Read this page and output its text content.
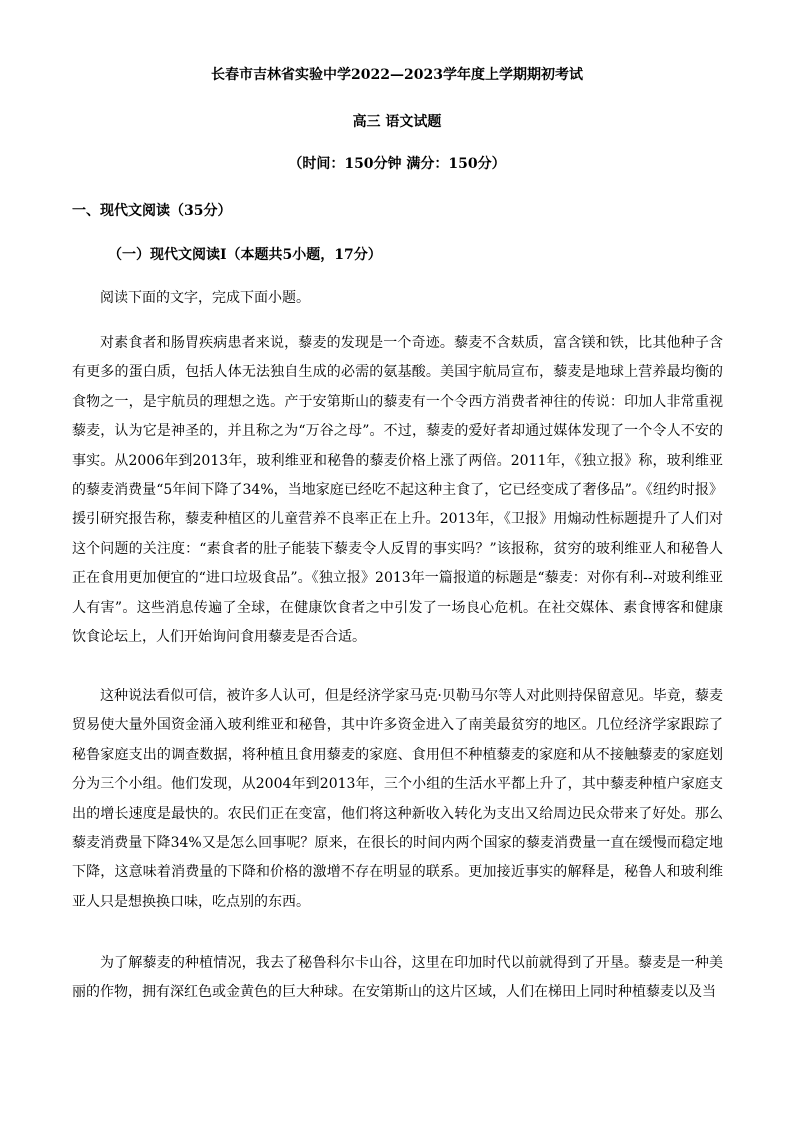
长春市吉林省实验中学2022—2023学年度上学期期初考试
高三 语文试题
（时间：150分钟 满分：150分）
一、现代文阅读（35分）
（一）现代文阅读Ⅰ（本题共5小题，17分）
阅读下面的文字，完成下面小题。

对素食者和肠胃疾病患者来说，藜麦的发现是一个奇迹。藜麦不含麸质，富含镁和铁，比其他种子含有更多的蛋白质，包括人体无法独自生成的必需的氨基酸。美国宇航局宣布，藜麦是地球上营养最均衡的食物之一，是宇航员的理想之选。产于安第斯山的藜麦有一个令西方消费者神往的传说：印加人非常重视藜麦，认为它是神圣的，并且称之为“万谷之母”。不过，藜麦的爱好者却通过媒体发现了一个令人不安的事实。从2006年到2013年，玻利维亚和秘鲁的藜麦价格上涨了两倍。2011年，《独立报》称，玻利维亚的藜麦消费量“5年间下降了34%，当地家庭已经吃不起这种主食了，它已经变成了奢侈品”。《纽约时报》援引研究报告称，藜麦种植区的儿童营养不良率正在上升。2013年，《卫报》用煽动性标题提升了人们对这个问题的关注度：“素食者的肚子能装下藜麦令人反胃的事实吗？”该报称，贫穷的玻利维亚人和秘鲁人正在食用更加便宜的“进口垃圾食品”。《独立报》2013年一篇报道的标题是“藜麦：对你有利--对玻利维亚人有害”。这些消息传遍了全球，在健康饮食者之中引发了一场良心危机。在社交媒体、素食博客和健康饮食论坛上，人们开始询问食用藜麦是否合适。

这种说法看似可信，被许多人认可，但是经济学家马克·贝勒马尔等人对此则持保留意见。毕竟，藜麦贸易使大量外国资金涌入玻利维亚和秘鲁，其中许多资金进入了南美最贫穷的地区。几位经济学家跟踪了秘鲁家庭支出的调查数据，将种植且食用藜麦的家庭、食用但不种植藜麦的家庭和从不接触藜麦的家庭划分为三个小组。他们发现，从2004年到2013年，三个小组的生活水平都上升了，其中藜麦种植户家庭支出的增长速度是最快的。农民们正在变富，他们将这种新收入转化为支出又给周边民众带来了好处。那么藜麦消费量下降34%又是怎么回事呢？原来，在很长的时间内两个国家的藜麦消费量一直在缓慢而稳定地下降，这意味着消费量的下降和价格的激增不存在明显的联系。更加接近事实的解释是，秘鲁人和玻利维亚人只是想换换口味，吃点别的东西。

为了解藜麦的种植情况，我去了秘鲁科尔卡山谷，这里在印加时代以前就得到了开垦。藜麦是一种美丽的作物，拥有深红色或金黄色的巨大种球。在安第斯山的这片区域，人们在梯田上同时种植藜麦以及当
